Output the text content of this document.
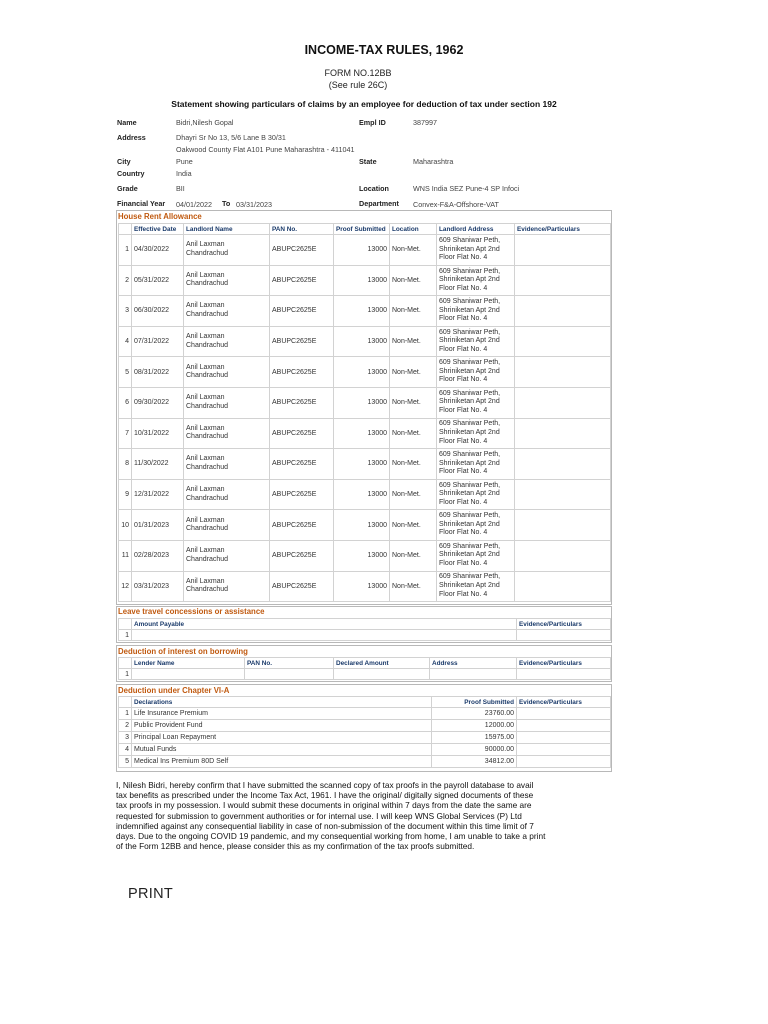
INCOME-TAX RULES, 1962
FORM NO.12BB
(See rule 26C)
Statement showing particulars of claims by an employee for deduction of tax under section 192
Name	Bidri,Nilesh Gopal	Empl ID	387997
Address	Dhayri Sr No 13, 5/6 Lane B 30/31
Oakwood County Flat A101 Pune Maharashtra - 411041
City	Pune	State	Maharashtra
Country	India
Grade	BII	Location	WNS India SEZ Pune-4 SP Infoci
Financial Year 04/01/2022 To 03/31/2023	Department Convex-F&A-Offshore-VAT
House Rent Allowance
	Effective Date	Landlord Name	PAN No.	Proof Submitted	Location	Landlord Address	Evidence/Particulars
1	04/30/2022	Anil Laxman Chandrachud	ABUPC2625E	13000	Non-Met.	609 Shaniwar Peth, Shriniketan Apt 2nd Floor Flat No. 4	
2	05/31/2022	Anil Laxman Chandrachud	ABUPC2625E	13000	Non-Met.	609 Shaniwar Peth, Shriniketan Apt 2nd Floor Flat No. 4	
3	06/30/2022	Anil Laxman Chandrachud	ABUPC2625E	13000	Non-Met.	609 Shaniwar Peth, Shriniketan Apt 2nd Floor Flat No. 4	
4	07/31/2022	Anil Laxman Chandrachud	ABUPC2625E	13000	Non-Met.	609 Shaniwar Peth, Shriniketan Apt 2nd Floor Flat No. 4	
5	08/31/2022	Anil Laxman Chandrachud	ABUPC2625E	13000	Non-Met.	609 Shaniwar Peth, Shriniketan Apt 2nd Floor Flat No. 4	
6	09/30/2022	Anil Laxman Chandrachud	ABUPC2625E	13000	Non-Met.	609 Shaniwar Peth, Shriniketan Apt 2nd Floor Flat No. 4	
7	10/31/2022	Anil Laxman Chandrachud	ABUPC2625E	13000	Non-Met.	609 Shaniwar Peth, Shriniketan Apt 2nd Floor Flat No. 4	
8	11/30/2022	Anil Laxman Chandrachud	ABUPC2625E	13000	Non-Met.	609 Shaniwar Peth, Shriniketan Apt 2nd Floor Flat No. 4	
9	12/31/2022	Anil Laxman Chandrachud	ABUPC2625E	13000	Non-Met.	609 Shaniwar Peth, Shriniketan Apt 2nd Floor Flat No. 4	
10	01/31/2023	Anil Laxman Chandrachud	ABUPC2625E	13000	Non-Met.	609 Shaniwar Peth, Shriniketan Apt 2nd Floor Flat No. 4	
11	02/28/2023	Anil Laxman Chandrachud	ABUPC2625E	13000	Non-Met.	609 Shaniwar Peth, Shriniketan Apt 2nd Floor Flat No. 4	
12	03/31/2023	Anil Laxman Chandrachud	ABUPC2625E	13000	Non-Met.	609 Shaniwar Peth, Shriniketan Apt 2nd Floor Flat No. 4	
Leave travel concessions or assistance
	Amount Payable	Evidence/Particulars
1		
Deduction of interest on borrowing
	Lender Name	PAN No.	Declared Amount	Address	Evidence/Particulars
1					
Deduction under Chapter VI-A
	Declarations	Proof Submitted	Evidence/Particulars
1	Life Insurance Premium	23760.00	
2	Public Provident Fund	12000.00	
3	Principal Loan Repayment	15975.00	
4	Mutual Funds	90000.00	
5	Medical Ins Premium 80D Self	34812.00	
I, Nilesh Bidri, hereby confirm that I have submitted the scanned copy of tax proofs in the payroll database to avail tax benefits as prescribed under the Income Tax Act, 1961. I have the original/ digitally signed documents of these tax proofs in my possession. I would submit these documents in original within 7 days from the date the same are requested for submission to government authorities or for internal use. I will keep WNS Global Services (P) Ltd indemnified against any consequential liability in case of non-submission of the document within this time limit of 7 days. Due to the ongoing COVID 19 pandemic, and my consequential working from home, I am unable to take a print of the Form 12BB and hence, please consider this as my confirmation of the tax proofs submitted.
PRINT
